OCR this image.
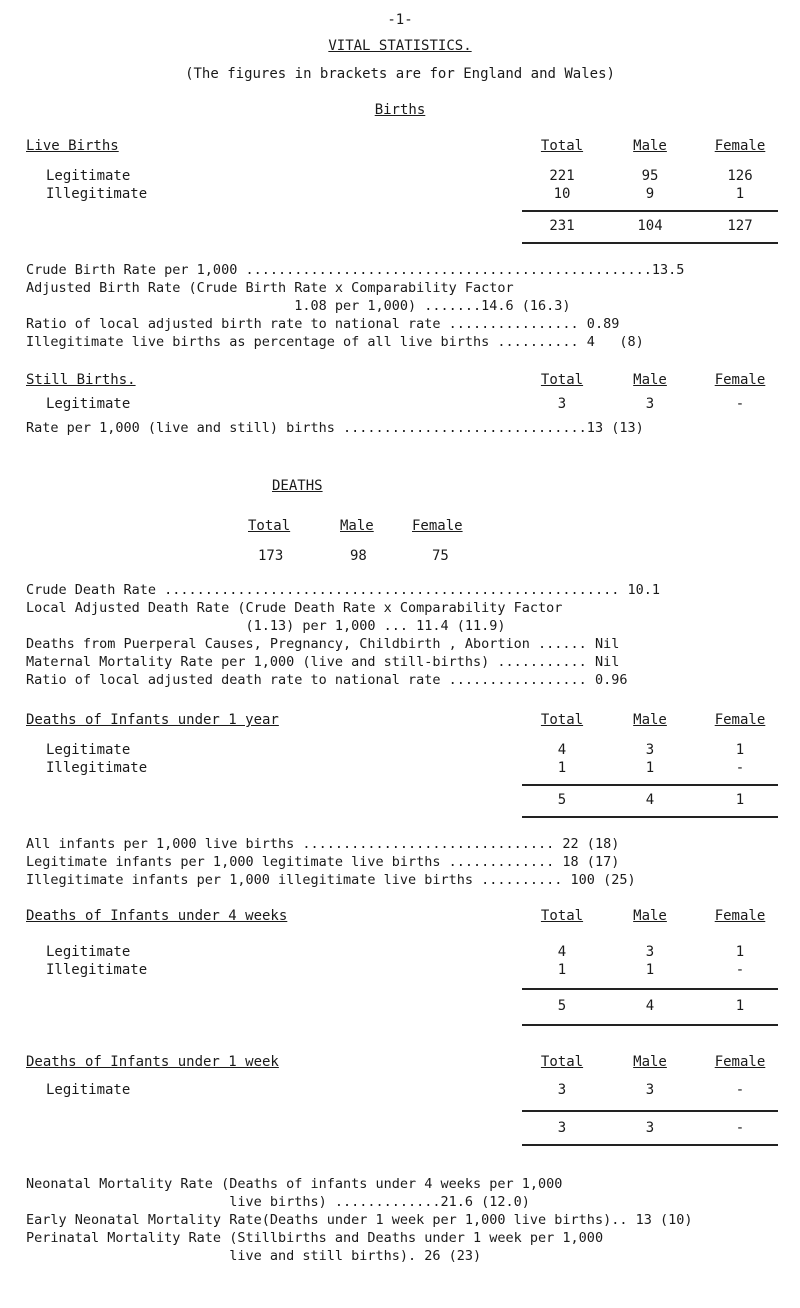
-1-
VITAL STATISTICS.
(The figures in brackets are for England and Wales)
Births
Live Births	Total	Male	Female
Legitimate	221	95	126
Illegitimate	10	9	1
231	104	127
Crude Birth Rate per 1,000 ..................................................13.5
Adjusted Birth Rate (Crude Birth Rate x Comparability Factor
1.08 per 1,000) .......14.6 (16.3)
Ratio of local adjusted birth rate to national rate ................ 0.89
Illegitimate live births as percentage of all live births .......... 4   (8)
Still Births.	Total	Male	Female
Legitimate	3	3	-
Rate per 1,000 (live and still) births ..............................13 (13)
DEATHS
Total	Male	Female
173	98	75
Crude Death Rate ........................................................ 10.1
Local Adjusted Death Rate (Crude Death Rate x Comparability Factor
(1.13) per 1,000 ... 11.4 (11.9)
Deaths from Puerperal Causes, Pregnancy, Childbirth , Abortion ...... Nil
Maternal Mortality Rate per 1,000 (live and still-births) ........... Nil
Ratio of local adjusted death rate to national rate ................. 0.96
Deaths of Infants under 1 year	Total	Male	Female
Legitimate	4	3	1
Illegitimate	1	1	-
5	4	1
All infants per 1,000 live births ............................... 22 (18)
Legitimate infants per 1,000 legitimate live births ............. 18 (17)
Illegitimate infants per 1,000 illegitimate live births .......... 100 (25)
Deaths of Infants under 4 weeks	Total	Male	Female
Legitimate	4	3	1
Illegitimate	1	1	-
5	4	1
Deaths of Infants under 1 week	Total	Male	Female
Legitimate	3	3	-
3	3	-
Neonatal Mortality Rate (Deaths of infants under 4 weeks per 1,000
live births) .............21.6 (12.0)
Early Neonatal Mortality Rate(Deaths under 1 week per 1,000 live births).. 13 (10)
Perinatal Mortality Rate (Stillbirths and Deaths under 1 week per 1,000
live and still births). 26 (23)
